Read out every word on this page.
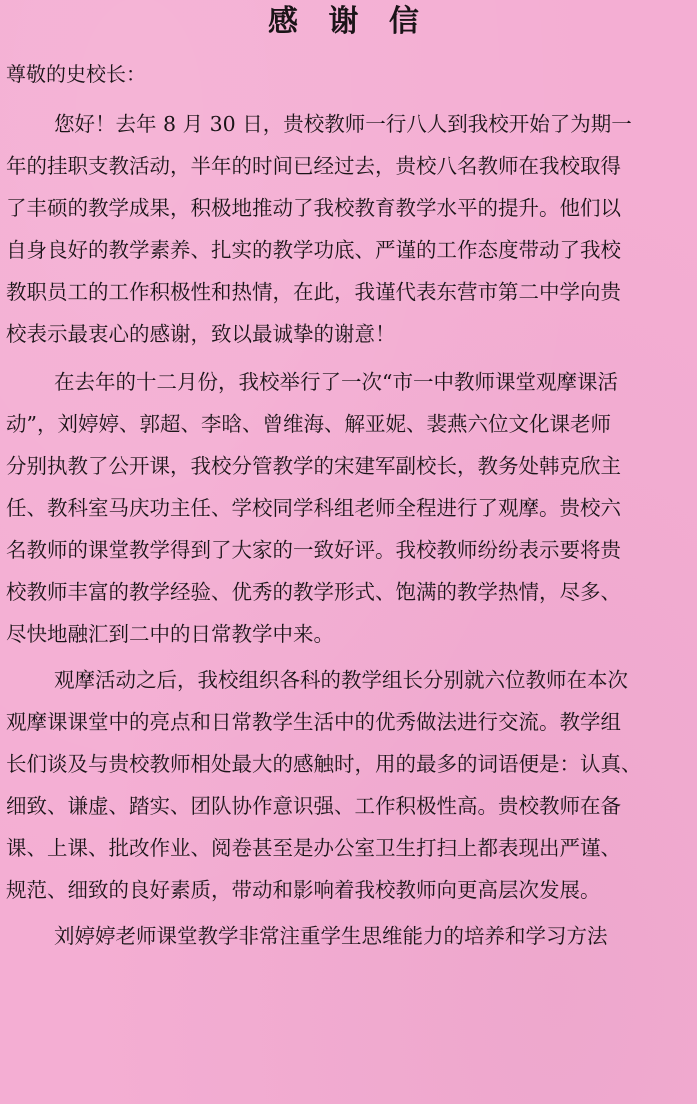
感 谢 信
尊敬的史校长：
您好！去年 8 月 30 日，贵校教师一行八人到我校开始了为期一
年的挂职支教活动，半年的时间已经过去，贵校八名教师在我校取得
了丰硕的教学成果，积极地推动了我校教育教学水平的提升。他们以
自身良好的教学素养、扎实的教学功底、严谨的工作态度带动了我校
教职员工的工作积极性和热情，在此，我谨代表东营市第二中学向贵
校表示最衷心的感谢，致以最诚挚的谢意！
在去年的十二月份，我校举行了一次“市一中教师课堂观摩课活
动”，刘婷婷、郭超、李晗、曾维海、解亚妮、裴燕六位文化课老师
分别执教了公开课，我校分管教学的宋建军副校长，教务处韩克欣主
任、教科室马庆功主任、学校同学科组老师全程进行了观摩。贵校六
名教师的课堂教学得到了大家的一致好评。我校教师纷纷表示要将贵
校教师丰富的教学经验、优秀的教学形式、饱满的教学热情，尽多、
尽快地融汇到二中的日常教学中来。
观摩活动之后，我校组织各科的教学组长分别就六位教师在本次
观摩课课堂中的亮点和日常教学生活中的优秀做法进行交流。教学组
长们谈及与贵校教师相处最大的感触时，用的最多的词语便是：认真、
细致、谦虚、踏实、团队协作意识强、工作积极性高。贵校教师在备
课、上课、批改作业、阅卷甚至是办公室卫生打扫上都表现出严谨、
规范、细致的良好素质，带动和影响着我校教师向更高层次发展。
刘婷婷老师课堂教学非常注重学生思维能力的培养和学习方法
